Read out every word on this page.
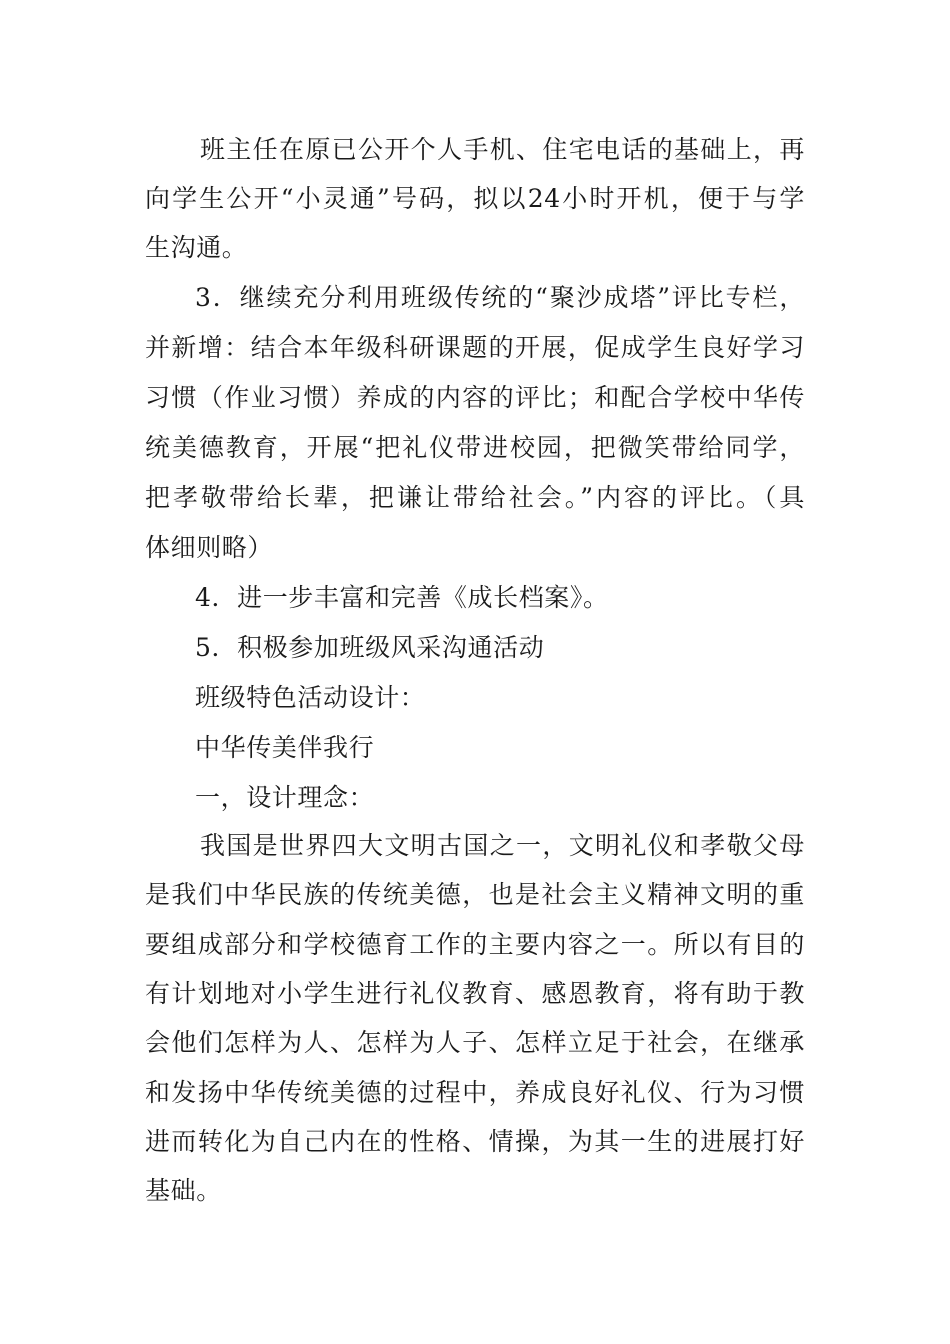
班主任在原已公开个人手机、住宅电话的基础上，再
向学生公开“小灵通”号码，拟以24小时开机，便于与学
生沟通。
3．继续充分利用班级传统的“聚沙成塔”评比专栏，
并新增：结合本年级科研课题的开展，促成学生良好学习
习惯（作业习惯）养成的内容的评比；和配合学校中华传
统美德教育，开展“把礼仪带进校园，把微笑带给同学，
把孝敬带给长辈，把谦让带给社会。”内容的评比。（具
体细则略）
4．进一步丰富和完善《成长档案》。
5．积极参加班级风采沟通活动
班级特色活动设计：
中华传美伴我行
一，设计理念：
我国是世界四大文明古国之一，文明礼仪和孝敬父母
是我们中华民族的传统美德，也是社会主义精神文明的重
要组成部分和学校德育工作的主要内容之一。所以有目的
有计划地对小学生进行礼仪教育、感恩教育，将有助于教
会他们怎样为人、怎样为人子、怎样立足于社会，在继承
和发扬中华传统美德的过程中，养成良好礼仪、行为习惯
进而转化为自己内在的性格、情操，为其一生的进展打好
基础。
